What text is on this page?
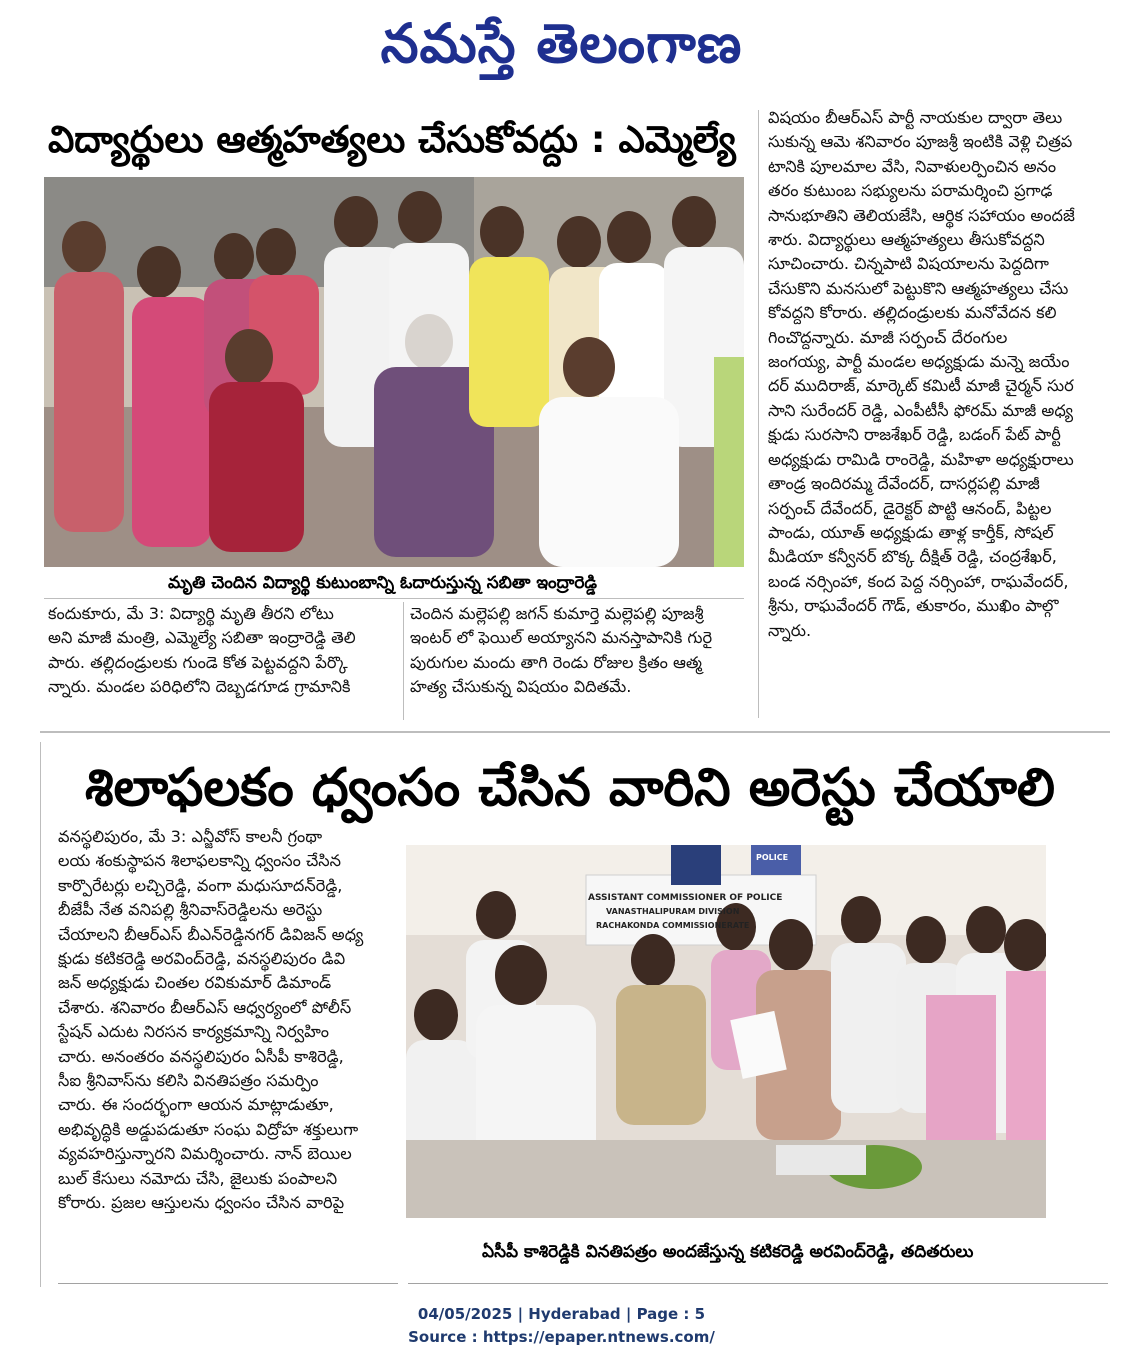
నమస్తే తెలంగాణ
విద్యార్థులు ఆత్మహత్యలు చేసుకోవద్దు : ఎమ్మెల్యే
మృతి చెందిన విద్యార్థి కుటుంబాన్ని ఓదారుస్తున్న సబితా ఇంద్రారెడ్డి
కందుకూరు, మే 3: విద్యార్థి మృతి తీరని లోటు
అని మాజీ మంత్రి, ఎమ్మెల్యే సబితా ఇంద్రారెడ్డి తెలి
పారు. తల్లిదండ్రులకు గుండె కోత పెట్టవద్దని పేర్కొ
న్నారు. మండల పరిధిలోని దెబ్బడగూడ గ్రామానికి
చెందిన మల్లెపల్లి జగన్ కుమార్తె మల్లెపల్లి పూజశ్రీ
ఇంటర్ లో ఫెయిల్ అయ్యానని మనస్తాపానికి గురై
పురుగుల మందు తాగి రెండు రోజుల క్రితం ఆత్మ
హత్య చేసుకున్న విషయం విదితమే.
విషయం బీఆర్ఎస్ పార్టీ నాయకుల ద్వారా తెలు
సుకున్న ఆమె శనివారం పూజశ్రీ ఇంటికి వెళ్లి చిత్రప
టానికి పూలమాల వేసి, నివాళులర్పించిన అనం
తరం కుటుంబ సభ్యులను పరామర్శించి ప్రగాఢ
సానుభూతిని తెలియజేసి, ఆర్థిక సహాయం అందజే
శారు. విద్యార్థులు ఆత్మహత్యలు తీసుకోవద్దని
సూచించారు. చిన్నపాటి విషయాలను పెద్దదిగా
చేసుకొని మనసులో పెట్టుకొని ఆత్మహత్యలు చేసు
కోవద్దని కోరారు. తల్లిదండ్రులకు మనోవేదన కలి
గించొద్దన్నారు. మాజీ సర్పంచ్ దేరంగుల
జంగయ్య, పార్టీ మండల అధ్యక్షుడు మన్నె జయేం
దర్ ముదిరాజ్, మార్కెట్ కమిటీ మాజీ చైర్మన్ సుర
సాని సురేందర్ రెడ్డి, ఎంపీటీసీ ఫోరమ్ మాజీ అధ్య
క్షుడు సురసాని రాజశేఖర్ రెడ్డి, బడంగ్ పేట్ పార్టీ
అధ్యక్షుడు రామిడి రాంరెడ్డి, మహిళా అధ్యక్షురాలు
తాండ్ర ఇందిరమ్మ దేవేందర్, దాసర్లపల్లి మాజీ
సర్పంచ్ దేవేందర్, డైరెక్టర్ పొట్టి ఆనంద్, పిట్టల
పాండు, యూత్ అధ్యక్షుడు తాళ్ల కార్తీక్, సోషల్
మీడియా కన్వీనర్ బొక్క దీక్షిత్ రెడ్డి, చంద్రశేఖర్,
బండ నర్సింహా, కంద పెద్ద నర్సింహా, రాఘవేందర్,
శ్రీను, రాఘవేందర్ గౌడ్, తుకారం, ముఖిం పాల్గొ
న్నారు.
శిలాఫలకం ధ్వంసం చేసిన వారిని అరెస్టు చేయాలి
వనస్థలిపురం, మే 3: ఎన్జీవోస్ కాలనీ గ్రంథా
లయ శంకుస్థాపన శిలాఫలకాన్ని ధ్వంసం చేసిన
కార్పొరేటర్లు లచ్చిరెడ్డి, వంగా మధుసూదన్‌రెడ్డి,
బీజేపీ నేత వనిపల్లి శ్రీనివాస్‌రెడ్డిలను అరెస్టు
చేయాలని బీఆర్ఎస్ బీఎన్‌రెడ్డినగర్ డివిజన్ అధ్య
క్షుడు కటికరెడ్డి అరవింద్‌రెడ్డి, వనస్థలిపురం డివి
జన్ అధ్యక్షుడు చింతల రవికుమార్ డిమాండ్
చేశారు. శనివారం బీఆర్ఎస్ ఆధ్వర్యంలో పోలీస్
స్టేషన్ ఎదుట నిరసన కార్యక్రమాన్ని నిర్వహిం
చారు. అనంతరం వనస్థలిపురం ఏసీపీ కాశిరెడ్డి,
సీఐ శ్రీనివాస్‌ను కలిసి వినతిపత్రం సమర్పిం
చారు. ఈ సందర్భంగా ఆయన మాట్లాడుతూ,
అభివృద్ధికి అడ్డుపడుతూ సంఘ విద్రోహ శక్తులుగా
వ్యవహరిస్తున్నారని విమర్శించారు. నాన్ బెయిల
బుల్ కేసులు నమోదు చేసి, జైలుకు పంపాలని
కోరారు. ప్రజల ఆస్తులను ధ్వంసం చేసిన వారిపై
ASSISTANT COMMISSIONER OF POLICE
VANASTHALIPURAM DIVISION
RACHAKONDA COMMISSIONERATE
POLICE
ఏసీపీ కాశిరెడ్డికి వినతిపత్రం అందజేస్తున్న కటికరెడ్డి అరవింద్‌రెడ్డి, తదితరులు
04/05/2025 | Hyderabad | Page : 5
Source : https://epaper.ntnews.com/
